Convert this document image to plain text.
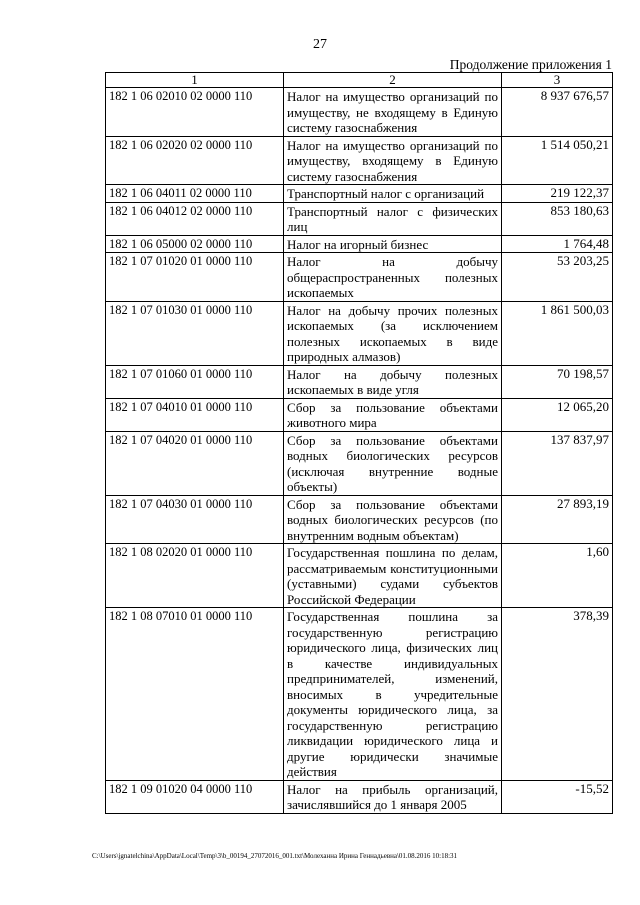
27
Продолжение приложения 1
1	2	3
182 1 06 02010 02 0000 110	Налог на имущество организаций по имуществу, не входящему в Единую систему газоснабжения	8 937 676,57
182 1 06 02020 02 0000 110	Налог на имущество организаций по имуществу, входящему в Единую систему газоснабжения	1 514 050,21
182 1 06 04011 02 0000 110	Транспортный налог с организаций	219 122,37
182 1 06 04012 02 0000 110	Транспортный налог с физических лиц	853 180,63
182 1 06 05000 02 0000 110	Налог на игорный бизнес	1 764,48
182 1 07 01020 01 0000 110	Налог на добычу общераспространенных полезных ископаемых	53 203,25
182 1 07 01030 01 0000 110	Налог на добычу прочих полезных ископаемых (за исключением полезных ископаемых в виде природных алмазов)	1 861 500,03
182 1 07 01060 01 0000 110	Налог на добычу полезных ископаемых в виде угля	70 198,57
182 1 07 04010 01 0000 110	Сбор за пользование объектами животного мира	12 065,20
182 1 07 04020 01 0000 110	Сбор за пользование объектами водных биологических ресурсов (исключая внутренние водные объекты)	137 837,97
182 1 07 04030 01 0000 110	Сбор за пользование объектами водных биологических ресурсов (по внутренним водным объектам)	27 893,19
182 1 08 02020 01 0000 110	Государственная пошлина по делам, рассматриваемым конституционными (уставными) судами субъектов Российской Федерации	1,60
182 1 08 07010 01 0000 110	Государственная пошлина за государственную регистрацию юридического лица, физических лиц в качестве индивидуальных предпринимателей, изменений, вносимых в учредительные документы юридического лица, за государственную регистрацию ликвидации юридического лица и другие юридически значимые действия	378,39
182 1 09 01020 04 0000 110	Налог на прибыль организаций, зачислявшийся до 1 января 2005	-15,52
C:\Users\jgnatelchina\AppData\Local\Temp\3\b_00194_27072016_001.txt\Молеханна Ирина Геннадьевна\01.08.2016 10:18:31
